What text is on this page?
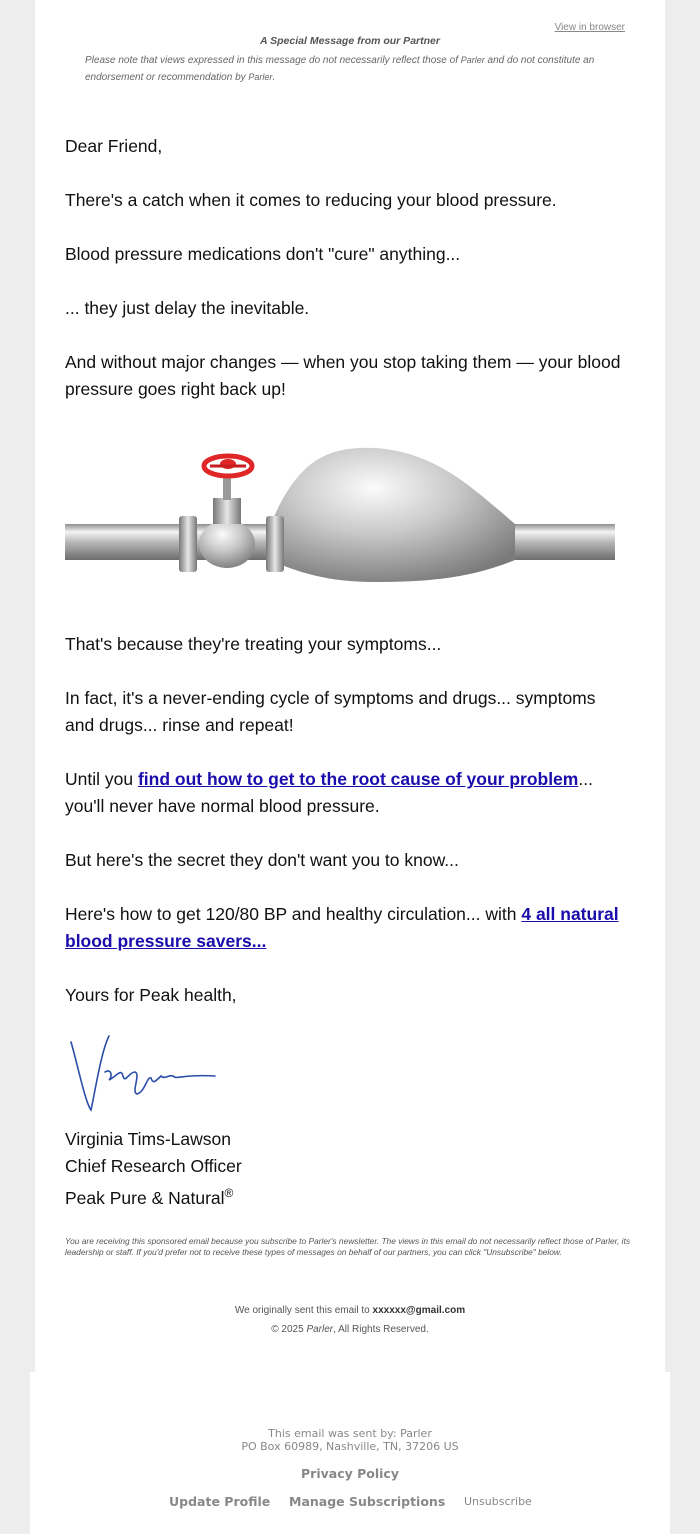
View in browser
A Special Message from our Partner
Please note that views expressed in this message do not necessarily reflect those of Parler and do not constitute an endorsement or recommendation by Parler.
Dear Friend,
There's a catch when it comes to reducing your blood pressure.
Blood pressure medications don't "cure" anything...
... they just delay the inevitable.
And without major changes — when you stop taking them — your blood pressure goes right back up!
That's because they're treating your symptoms...
In fact, it's a never-ending cycle of symptoms and drugs... symptoms and drugs... rinse and repeat!
Until you find out how to get to the root cause of your problem... you'll never have normal blood pressure.
But here's the secret they don't want you to know...
Here's how to get 120/80 BP and healthy circulation... with 4 all natural blood pressure savers...
Yours for Peak health,
Virginia Tims-Lawson
Chief Research Officer
Peak Pure & Natural®
You are receiving this sponsored email because you subscribe to Parler's newsletter. The views in this email do not necessarily reflect those of Parler, its leadership or staff. If you'd prefer not to receive these types of messages on behalf of our partners, you can click "Unsubscribe" below.
We originally sent this email to xxxxxx@gmail.com
© 2025 Parler, All Rights Reserved.
This email was sent by: Parler
PO Box 60989, Nashville, TN, 37206 US
Privacy Policy
Update Profile Manage Subscriptions Unsubscribe
